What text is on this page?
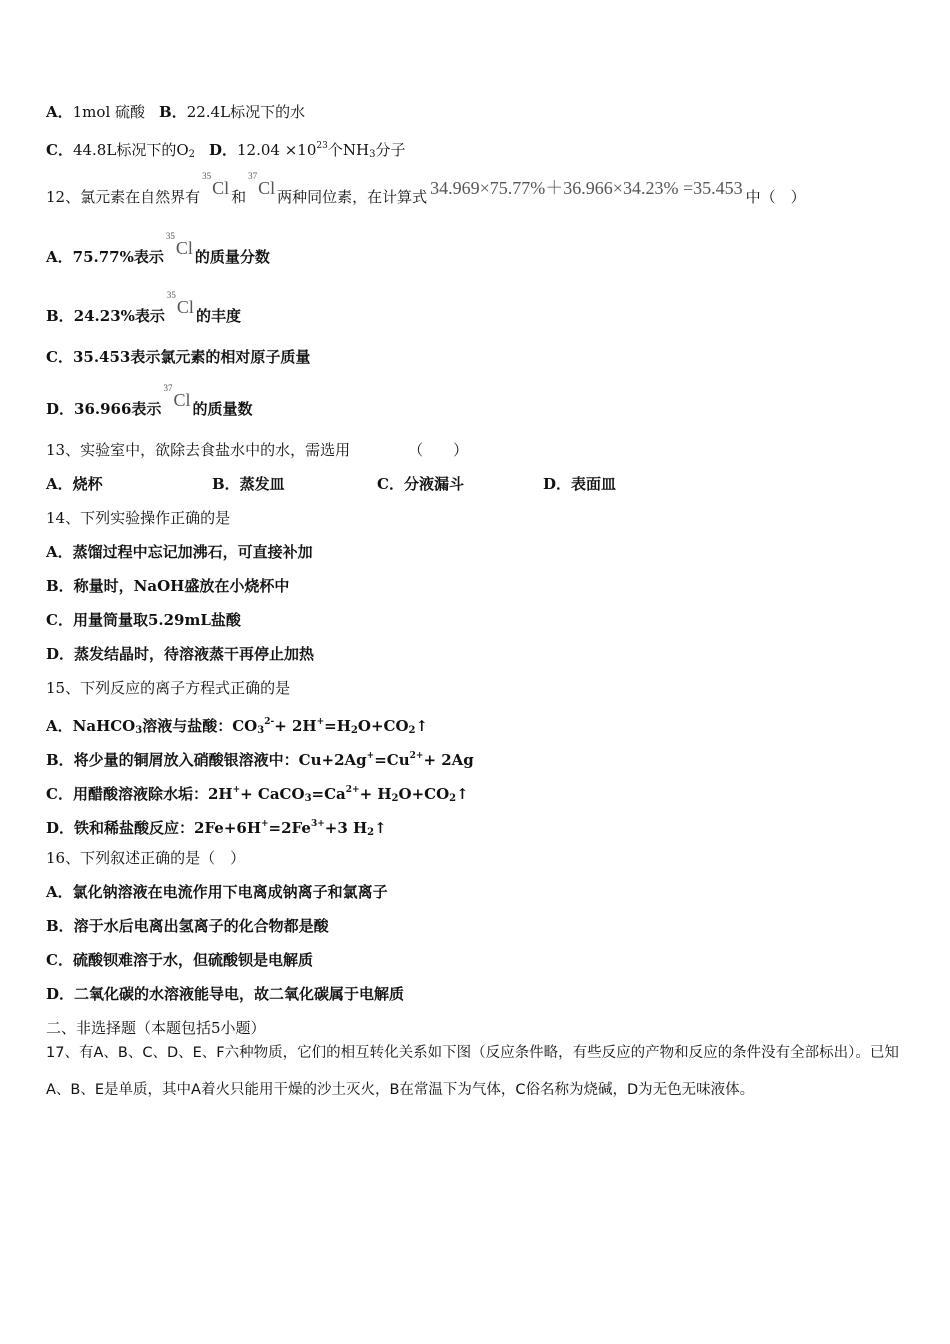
A．1mol 硫酸 B．22.4L标况下的水
C．44.8L标况下的$O_2$ D．$12.04 \times 10^{23}$个$NH_3$分子
12、氯元素在自然界有$^{35}$Cl 和$^{37}$Cl 两种同位素，在计算式 34.969×75.77%＋36.966×34.23% =35.453 中（　）
A．75.77%表示$^{35}$Cl 的质量分数
B．24.23%表示$^{35}$Cl 的丰度
C．35.453表示氯元素的相对原子质量
D．36.966表示$^{37}$Cl 的质量数
13、实验室中，欲除去食盐水中的水，需选用	（　　）
A．烧杯	B．蒸发皿	C．分液漏斗	D．表面皿
14、下列实验操作正确的是
A．蒸馏过程中忘记加沸石，可直接补加
B．称量时，NaOH盛放在小烧杯中
C．用量筒量取5.29mL盐酸
D．蒸发结晶时，待溶液蒸干再停止加热
15、下列反应的离子方程式正确的是
A．NaHCO$_3$溶液与盐酸：$CO_3^{2-}+$ $2H^+=H_2O+CO_2↑$
B．将少量的铜屑放入硝酸银溶液中：$Cu+2Ag^+=Cu^{2+}+ 2Ag$
C．用醋酸溶液除水垢：$2H^++ CaCO_3=Ca^{2+}+$ $H_2O+CO_2↑$
D．铁和稀盐酸反应：$2Fe+6H^+=2Fe^{3+}+3$ $H_2↑$
16、下列叙述正确的是（　）
A．氯化钠溶液在电流作用下电离成钠离子和氯离子
B．溶于水后电离出氢离子的化合物都是酸
C．硫酸钡难溶于水，但硫酸钡是电解质
D．二氧化碳的水溶液能导电，故二氧化碳属于电解质
二、非选择题（本题包括5小题）
17、有A、B、C、D、E、F六种物质，它们的相互转化关系如下图（反应条件略，有些反应的产物和反应的条件没有全部标出）。已知A、B、E是单质，其中A着火只能用干燥的沙土灭火，B在常温下为气体，C俗名称为烧碱，D为无色无味液体。
